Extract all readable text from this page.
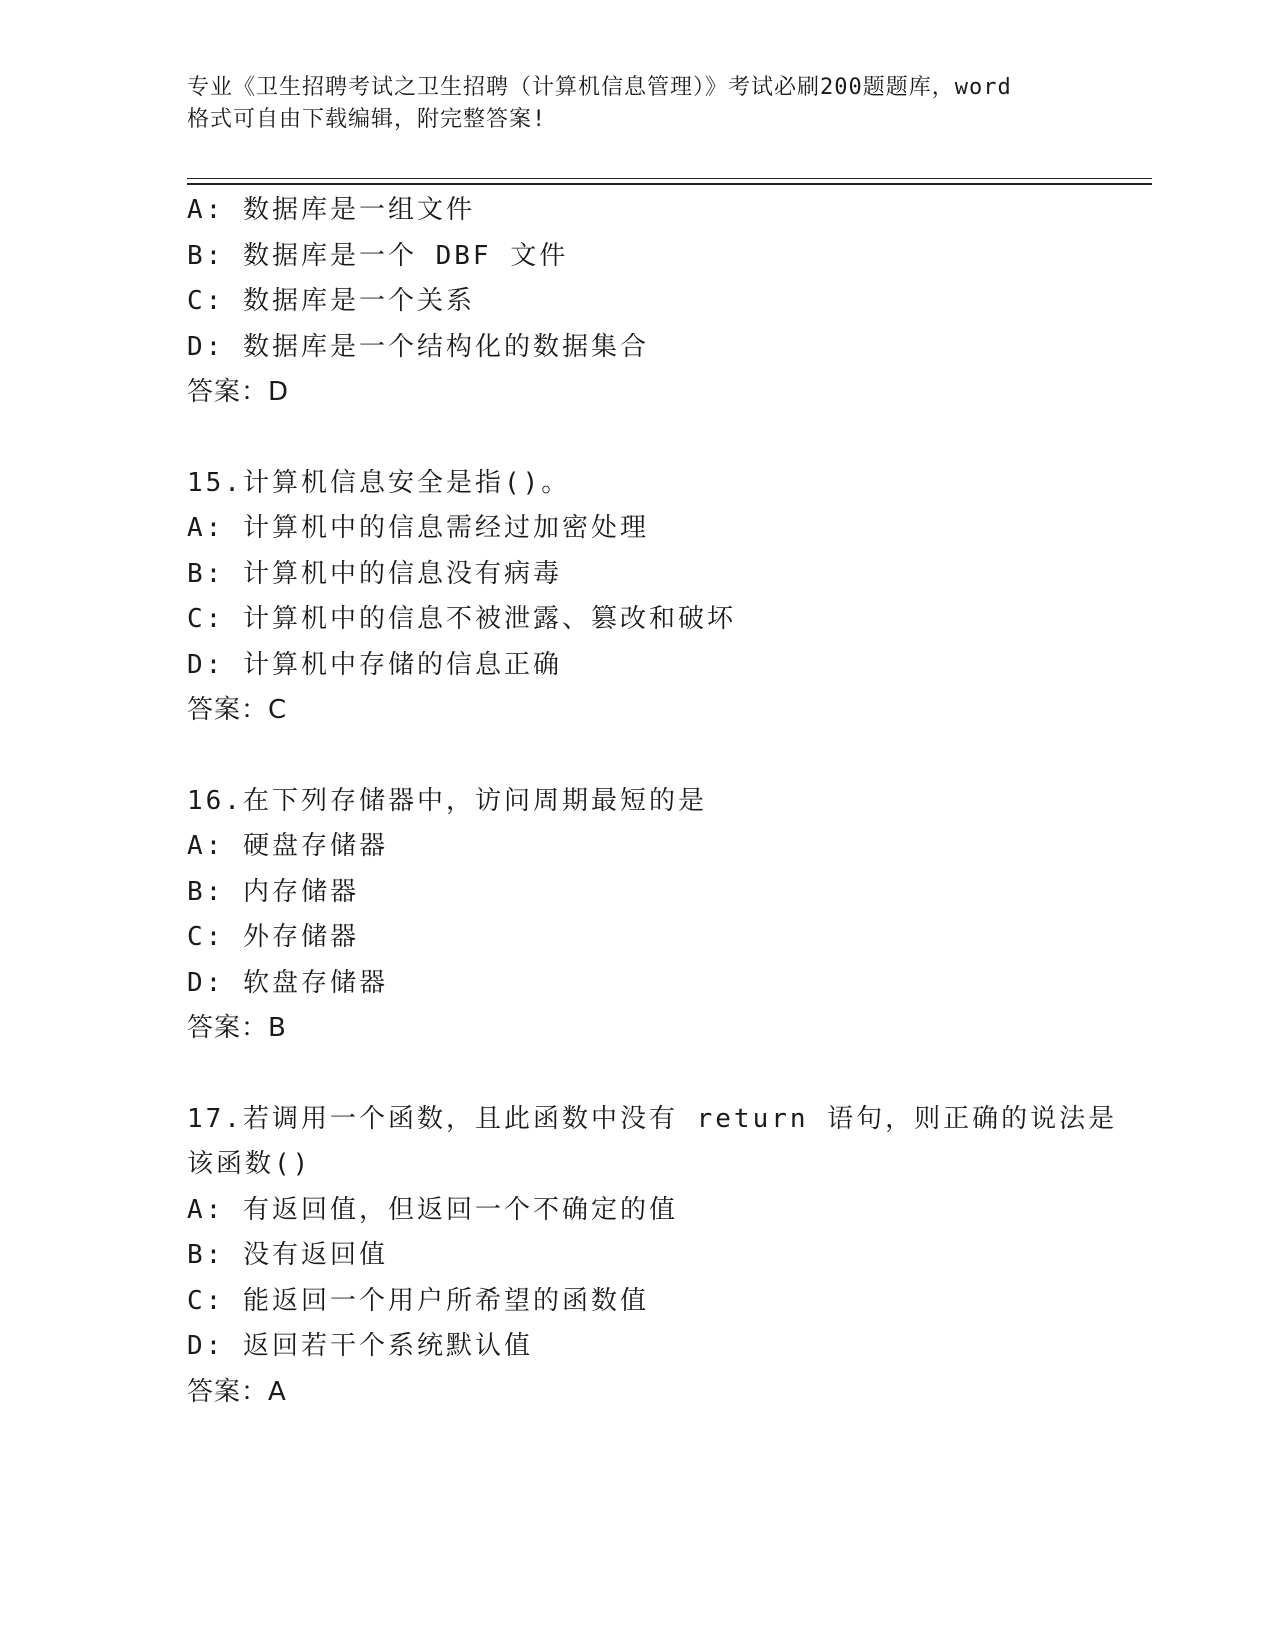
专业《卫生招聘考试之卫生招聘（计算机信息管理）》考试必刷200题题库，word
格式可自由下载编辑，附完整答案!
A: 数据库是一组文件
B: 数据库是一个 DBF 文件
C: 数据库是一个关系
D: 数据库是一个结构化的数据集合
答案：D
15.计算机信息安全是指()。
A: 计算机中的信息需经过加密处理
B: 计算机中的信息没有病毒
C: 计算机中的信息不被泄露、篡改和破坏
D: 计算机中存储的信息正确
答案：C
16.在下列存储器中，访问周期最短的是
A: 硬盘存储器
B: 内存储器
C: 外存储器
D: 软盘存储器
答案：B
17.若调用一个函数，且此函数中没有 return 语句，则正确的说法是
该函数()
A: 有返回值，但返回一个不确定的值
B: 没有返回值
C: 能返回一个用户所希望的函数值
D: 返回若干个系统默认值
答案：A
